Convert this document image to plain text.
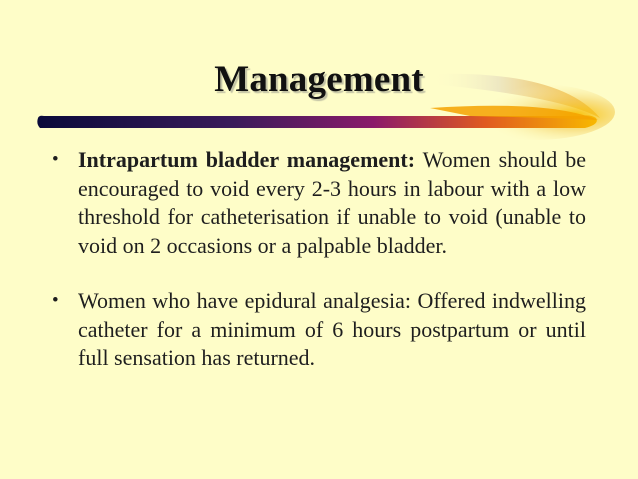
Management
• Intrapartum bladder management: Women should be encouraged to void every 2-3 hours in labour with a low threshold for catheterisation if unable to void (unable to void on 2 occasions or a palpable bladder.
• Women who have epidural analgesia: Offered indwelling catheter for a minimum of 6 hours postpartum or until full sensation has returned.
